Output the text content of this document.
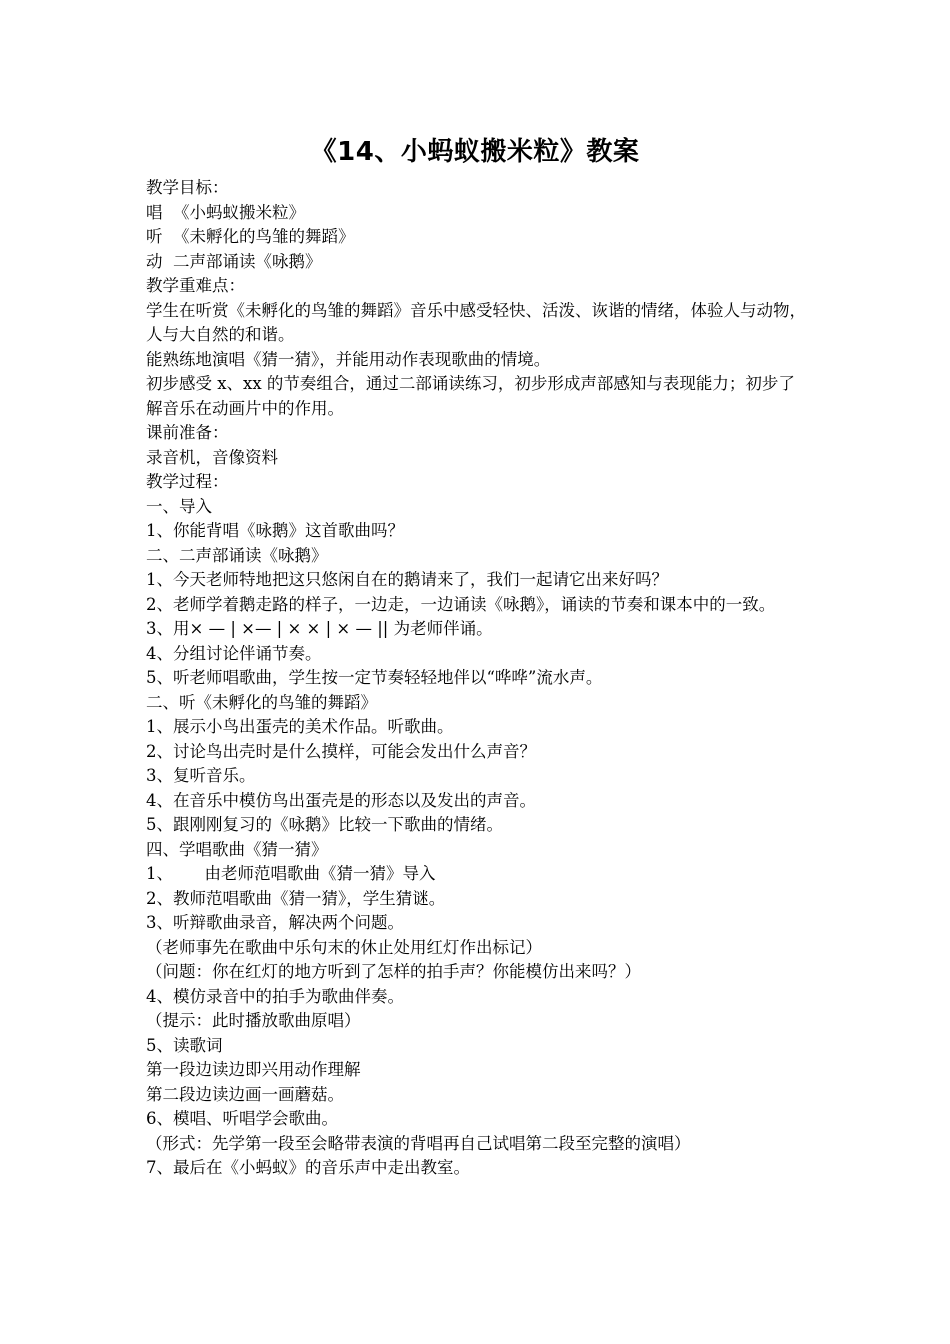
《14、小蚂蚁搬米粒》教案

教学目标：

唱  《小蚂蚁搬米粒》

听  《未孵化的鸟雏的舞蹈》

动  二声部诵读《咏鹅》

教学重难点：

学生在听赏《未孵化的鸟雏的舞蹈》音乐中感受轻快、活泼、诙谐的情绪，体验人与动物，人与大自然的和谐。

能熟练地演唱《猜一猜》，并能用动作表现歌曲的情境。

初步感受 x、xx 的节奏组合，通过二部诵读练习，初步形成声部感知与表现能力；初步了解音乐在动画片中的作用。

课前准备：

录音机，音像资料

教学过程：

一、导入

1、你能背唱《咏鹅》这首歌曲吗？

二、二声部诵读《咏鹅》

1、今天老师特地把这只悠闲自在的鹅请来了，我们一起请它出来好吗？

2、老师学着鹅走路的样子，一边走，一边诵读《咏鹅》，诵读的节奏和课本中的一致。

3、用× — | ×— | × × | × — || 为老师伴诵。

4、分组讨论伴诵节奏。

5、听老师唱歌曲，学生按一定节奏轻轻地伴以“哗哗”流水声。

二、听《未孵化的鸟雏的舞蹈》

1、展示小鸟出蛋壳的美术作品。听歌曲。

2、讨论鸟出壳时是什么摸样，可能会发出什么声音？

3、复听音乐。

4、在音乐中模仿鸟出蛋壳是的形态以及发出的声音。

5、跟刚刚复习的《咏鹅》比较一下歌曲的情绪。

四、学唱歌曲《猜一猜》

1、      由老师范唱歌曲《猜一猜》导入

2、教师范唱歌曲《猜一猜》，学生猜谜。

3、听辩歌曲录音，解决两个问题。

（老师事先在歌曲中乐句末的休止处用红灯作出标记）

（问题：你在红灯的地方听到了怎样的拍手声？你能模仿出来吗？）

4、模仿录音中的拍手为歌曲伴奏。

（提示：此时播放歌曲原唱）

5、读歌词

第一段边读边即兴用动作理解

第二段边读边画一画蘑菇。

6、模唱、听唱学会歌曲。

（形式：先学第一段至会略带表演的背唱再自己试唱第二段至完整的演唱）

7、最后在《小蚂蚁》的音乐声中走出教室。
